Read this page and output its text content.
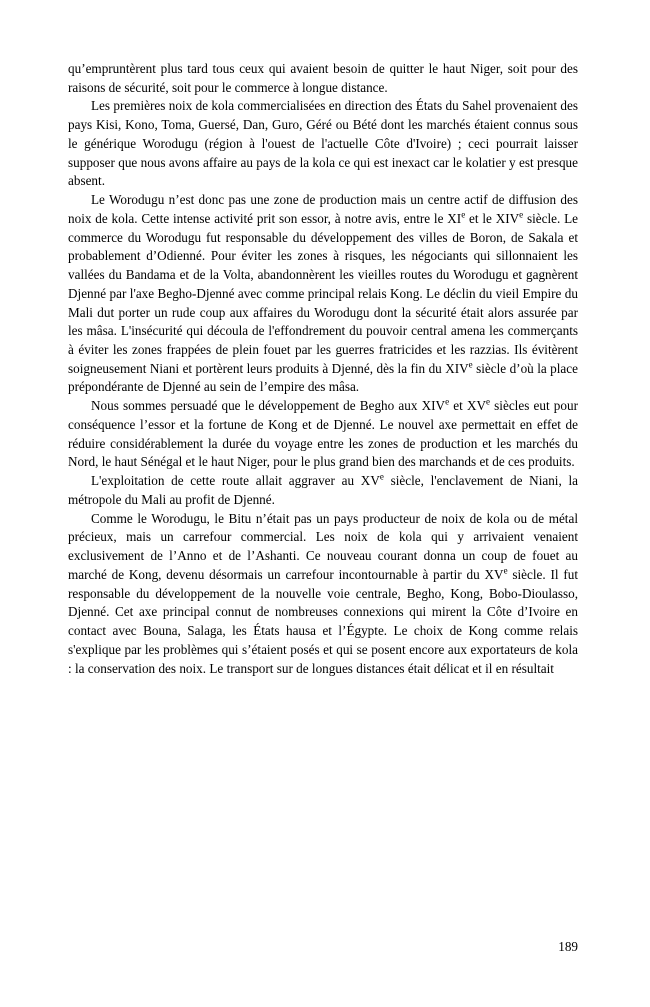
qu’empruntèrent plus tard tous ceux qui avaient besoin de quitter le haut Niger, soit pour des raisons de sécurité, soit pour le commerce à longue distance.

Les premières noix de kola commercialisées en direction des États du Sahel provenaient des pays Kisi, Kono, Toma, Guersé, Dan, Guro, Géré ou Bété dont les marchés étaient connus sous le générique Worodugu (région à l'ouest de l'actuelle Côte d'Ivoire) ; ceci pourrait laisser supposer que nous avons affaire au pays de la kola ce qui est inexact car le kolatier y est presque absent.

Le Worodugu n’est donc pas une zone de production mais un centre actif de diffusion des noix de kola. Cette intense activité prit son essor, à notre avis, entre le XIe et le XIVe siècle. Le commerce du Worodugu fut responsable du développement des villes de Boron, de Sakala et probablement d’Odienné. Pour éviter les zones à risques, les négociants qui sillonnaient les vallées du Bandama et de la Volta, abandonnèrent les vieilles routes du Worodugu et gagnèrent Djenné par l'axe Begho-Djenné avec comme principal relais Kong. Le déclin du vieil Empire du Mali dut porter un rude coup aux affaires du Worodugu dont la sécurité était alors assurée par les mâsa. L'insécurité qui découla de l'effondrement du pouvoir central amena les commerçants à éviter les zones frappées de plein fouet par les guerres fratricides et les razzias. Ils évitèrent soigneusement Niani et portèrent leurs produits à Djenné, dès la fin du XIVe siècle d’où la place prépondérante de Djenné au sein de l’empire des mâsa.

Nous sommes persuadé que le développement de Begho aux XIVe et XVe siècles eut pour conséquence l’essor et la fortune de Kong et de Djenné. Le nouvel axe permettait en effet de réduire considérablement la durée du voyage entre les zones de production et les marchés du Nord, le haut Sénégal et le haut Niger, pour le plus grand bien des marchands et de ces produits.

L'exploitation de cette route allait aggraver au XVe siècle, l'enclavement de Niani, la métropole du Mali au profit de Djenné.

Comme le Worodugu, le Bitu n’était pas un pays producteur de noix de kola ou de métal précieux, mais un carrefour commercial. Les noix de kola qui y arrivaient venaient exclusivement de l’Anno et de l’Ashanti. Ce nouveau courant donna un coup de fouet au marché de Kong, devenu désormais un carrefour incontournable à partir du XVe siècle. Il fut responsable du développement de la nouvelle voie centrale, Begho, Kong, Bobo-Dioulasso, Djenné. Cet axe principal connut de nombreuses connexions qui mirent la Côte d’Ivoire en contact avec Bouna, Salaga, les États hausa et l’Égypte. Le choix de Kong comme relais s'explique par les problèmes qui s’étaient posés et qui se posent encore aux exportateurs de kola : la conservation des noix. Le transport sur de longues distances était délicat et il en résultait

189
